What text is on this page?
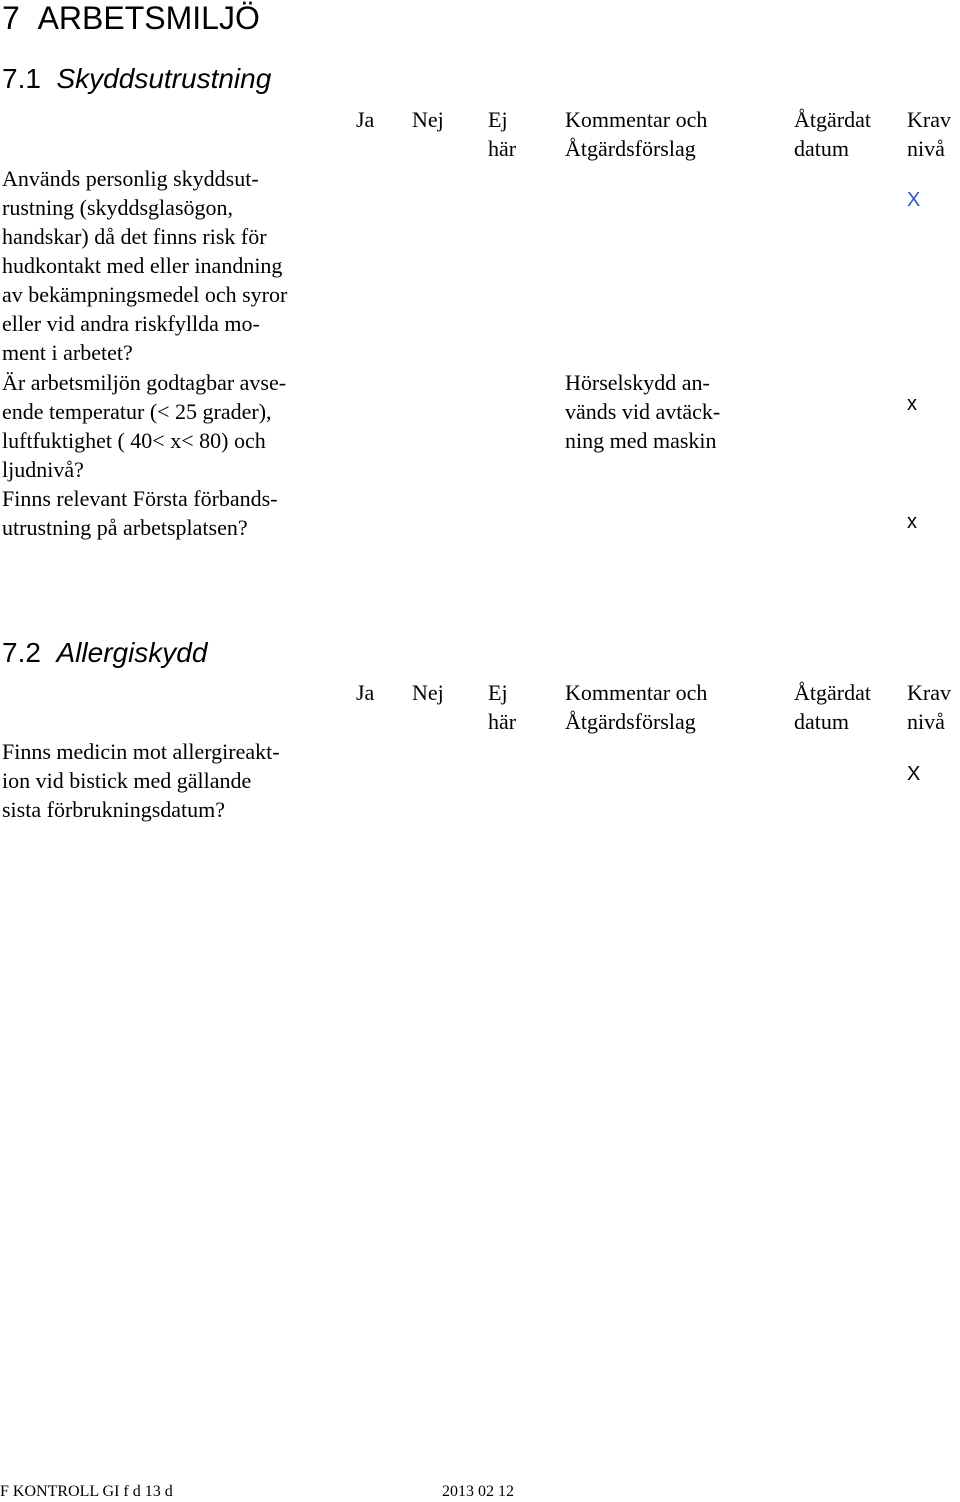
7 ARBETSMILJÖ
7.1 Skyddsutrustning
Ja Nej Ej
här
Kommentar och
Åtgärdsförslag
Åtgärdat
datum
Krav
nivå
Används personlig skyddsut-
rustning (skyddsglasögon,
handskar) då det finns risk för
hudkontakt med eller inandning
av bekämpningsmedel och syror
eller vid andra riskfyllda mo-
ment i arbetet?
X
Är arbetsmiljön godtagbar avse-
ende temperatur (< 25 grader),
luftfuktighet ( 40< x< 80) och
ljudnivå?
Hörselskydd an-
vänds vid avtäck-
ning med maskin
x
Finns relevant Första förbands-
utrustning på arbetsplatsen?	x
7.2 Allergiskydd
Ja Nej Ej
här
Kommentar och
Åtgärdsförslag
Åtgärdat
datum
Krav
nivå
Finns medicin mot allergireakt-
ion vid bistick med gällande
sista förbrukningsdatum?
X
F KONTROLL GI f d 13 d	2013 02 12
